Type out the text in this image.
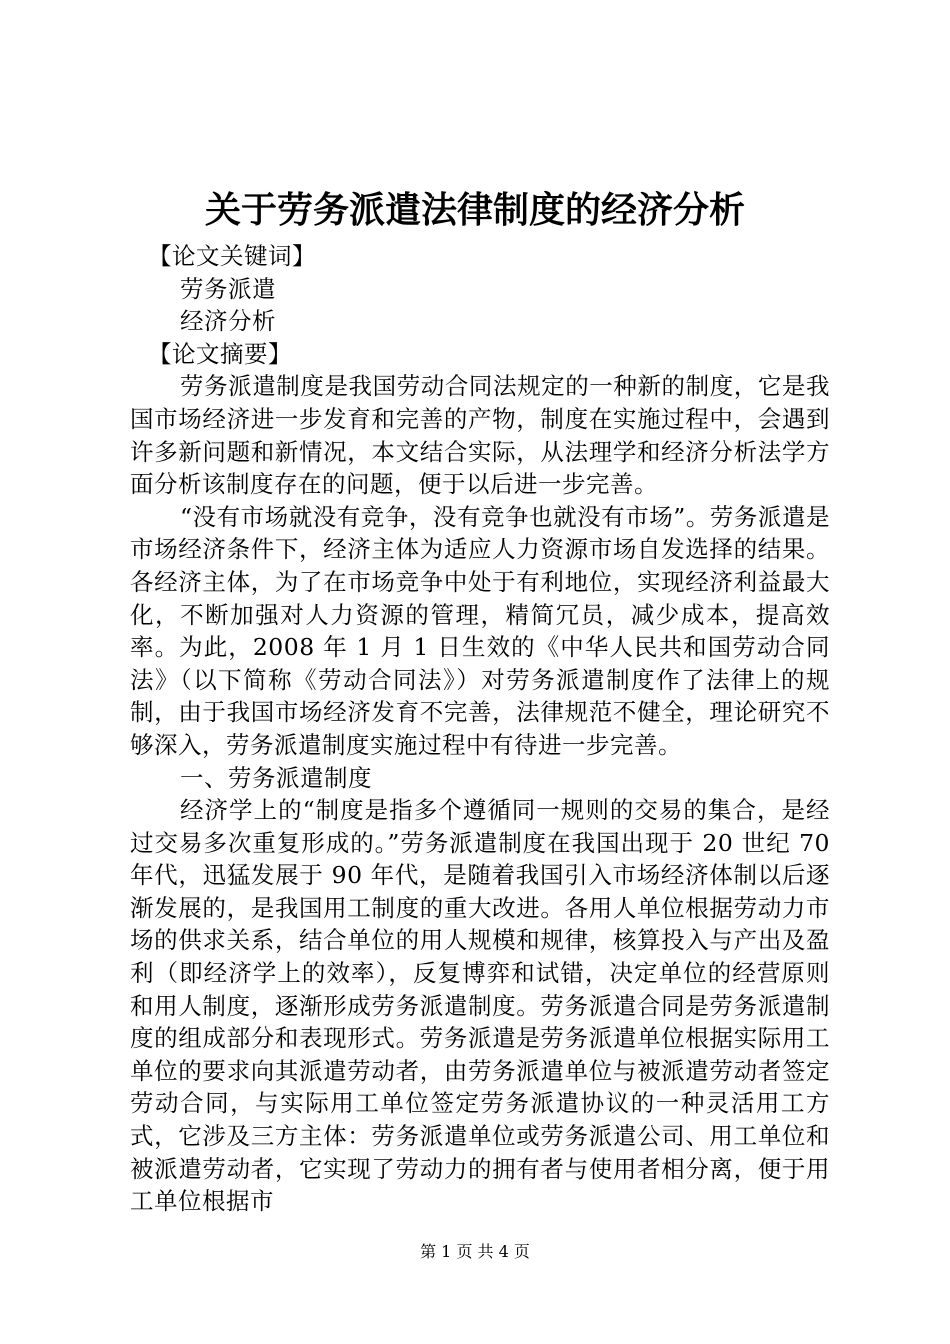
关于劳务派遣法律制度的经济分析

【论文关键词】

劳务派遣

经济分析

【论文摘要】

劳务派遣制度是我国劳动合同法规定的一种新的制度，它是我国市场经济进一步发育和完善的产物，制度在实施过程中，会遇到许多新问题和新情况，本文结合实际，从法理学和经济分析法学方面分析该制度存在的问题，便于以后进一步完善。

“没有市场就没有竞争，没有竞争也就没有市场”。劳务派遣是市场经济条件下，经济主体为适应人力资源市场自发选择的结果。各经济主体，为了在市场竞争中处于有利地位，实现经济利益最大化，不断加强对人力资源的管理，精简冗员，减少成本，提高效率。为此，2008 年 1 月 1 日生效的《中华人民共和国劳动合同法》（以下简称《劳动合同法》）对劳务派遣制度作了法律上的规制，由于我国市场经济发育不完善，法律规范不健全，理论研究不够深入，劳务派遣制度实施过程中有待进一步完善。

一、劳务派遣制度

经济学上的“制度是指多个遵循同一规则的交易的集合，是经过交易多次重复形成的。”劳务派遣制度在我国出现于 20 世纪 70 年代，迅猛发展于 90 年代，是随着我国引入市场经济体制以后逐渐发展的，是我国用工制度的重大改进。各用人单位根据劳动力市场的供求关系，结合单位的用人规模和规律，核算投入与产出及盈利（即经济学上的效率），反复博弈和试错，决定单位的经营原则和用人制度，逐渐形成劳务派遣制度。劳务派遣合同是劳务派遣制度的组成部分和表现形式。劳务派遣是劳务派遣单位根据实际用工单位的要求向其派遣劳动者，由劳务派遣单位与被派遣劳动者签定劳动合同，与实际用工单位签定劳务派遣协议的一种灵活用工方式，它涉及三方主体：劳务派遣单位或劳务派遣公司、用工单位和被派遣劳动者，它实现了劳动力的拥有者与使用者相分离，便于用工单位根据市

第 1 页 共 4 页
